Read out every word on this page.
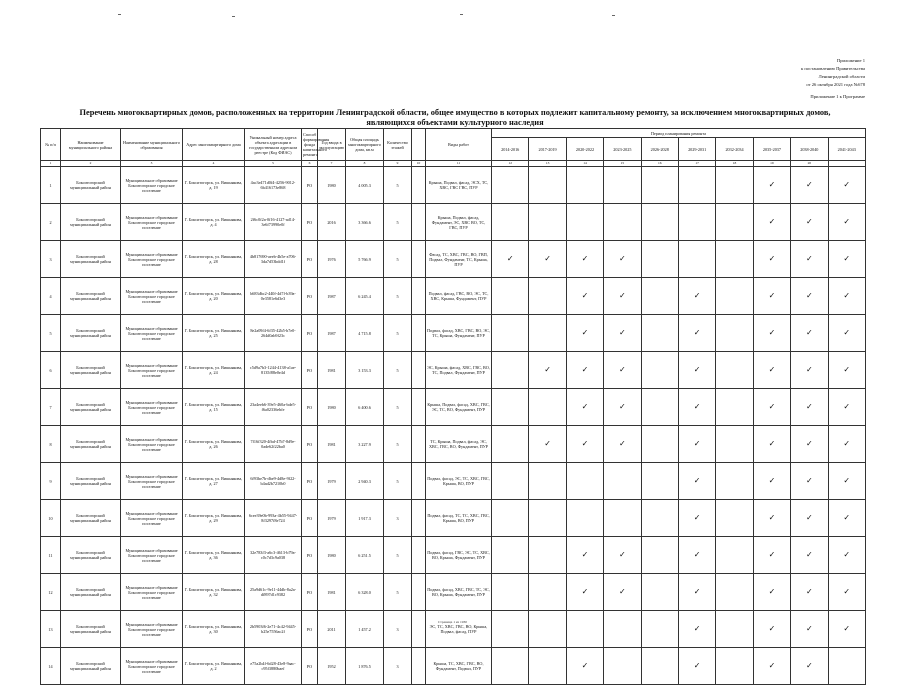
Приложение 1
к постановлению Правительства
Ленинградской области
от 26 октября 2021 года №678
Приложение 1 к Программе
Перечень многоквартирных домов, расположенных на территории Ленинградской области, общее имущество в которых подлежит капитальному ремонту, за исключением многоквартирных домов, являющихся объектами культурного наследия
№ п/п	Наименование муниципального района	Наименование муниципального образования	Адрес многоквартирного дома	Уникальный номер адреса объекта адресации в государственном адресном реестре (Код ФИАС)	Способ формирования фонда капитального ремонта	Год ввода в эксплуатацию	Общая площадь многоквартирного дома, кв.м	Количество этажей		Виды работ	Период планирования ремонта									
											2014-2016	2017-2019	2020-2022	2023-2025	2026-2028	2029-2031	2032-2034	2035-2037	2038-2040	2041-2043
1	2	3	4	5	6	7	8	9	10	11	12	13	14	15	16	17	18	19	20	
1	Бокситогорский муниципальный район	Муниципальное образование Бокситогорское городское поселение	Г. Бокситогорск, ул. Вишнякова, д. 19	4ac3e471d0f4-4256-9012-6b416173e868	РО	1980	4 005.3	5		Крыша, Подвал, фасад, ЭСХ, ТС, ХВС, ГВС ГВС, ПУР								✓	✓	✓
2	Бокситогорский муниципальный район	Муниципальное образование Бокситогорское городское поселение	Г. Бокситогорск, ул. Вишнякова, д. 4	2f6c0f2a-0f16-4127-ad14-3e6f73990e0f	РО	2016	3 366.6	5		Крыша, Подвал, фасад, Фундамент, ЭС, ХВС ВО, ТС, ГВС, ПУР								✓	✓	✓
3	Бокситогорский муниципальный район	Муниципальное образование Бокситогорское городское поселение	Г. Бокситогорск, ул. Вишнякова, д. 28	4b817690-aeeb-4b5e-a706-3da7d53bdd1f	РО	1976	5 766.9	5		Фасад, ТС, ХВС, ГВС, ВО, ГВП, Подвал, Фундамент, ТС, Крыша, ПУР	✓	✓	✓	✓				✓	✓	✓
4	Бокситогорский муниципальный район	Муниципальное образование Бокситогорское городское поселение	Г. Бокситогорск, ул. Вишнякова, д. 20	b683dbc2-440f-4d7f-b39a-0e3581e6d3e3	РО	1987	6 245.4	5		Подвал, фасад, ГВС, ВО, ЭС, ТС, ХВС, Крыша, Фундамент, ПУР			✓	✓		✓		✓	✓	✓
5	Бокситогорский муниципальный район	Муниципальное образование Бокситогорское городское поселение	Г. Бокситогорск, ул. Вишнякова, д. 25	8e2a09f4-6f35-42b5-b7e0-264d0ab9f23c	РО	1987	4 715.8	5		Подвал, фасад, ХВС, ГВС, ВО, ЭС, ТС, Крыша, Фундамент, ПУР			✓	✓		✓		✓	✓	✓
6	Бокситогорский муниципальный район	Муниципальное образование Бокситогорское городское поселение	Г. Бокситогорск, ул. Вишнякова, д. 24	c5d9a7b3-1244-4138-a1ae-8135f88e0e4d	РО	1981	3 153.3	5		ЭС, Крыша, фасад, ХВС, ГВС, ВО, ТС, Подвал, Фундамент, ПУР		✓	✓	✓		✓		✓	✓	✓
7	Бокситогорский муниципальный район	Муниципальное образование Бокситогорское городское поселение	Г. Бокситогорск, ул. Вишнякова, д. 15	23a4eeb6-39e5-460a-bde5-f6a02336ebfe	РО	1980	6 400.6	5		Крыша, Подвал, фасад, ХВС, ГВС, ЭС, ТС, ВО, Фундамент, ПУР			✓	✓		✓		✓	✓	✓
8	Бокситогорский муниципальный район	Муниципальное образование Бокситогорское городское поселение	Г. Бокситогорск, ул. Вишнякова, д. 26	7f16f320-4fbd-47b7-8d9e-0ade62f22ba0	РО	1981	3 227.9	5		ТС, Крыша, Подвал, фасад, ЭС, ХВС, ГВС, ВО, Фундамент, ПУР		✓	✓	✓		✓		✓	✓	✓
9	Бокситогорский муниципальный район	Муниципальное образование Бокситогорское городское поселение	Г. Бокситогорск, ул. Вишнякова, д. 27	6f93be7b-dbe9-4d8e-9f22-b4ad2b7210b0	РО	1979	2 940.3	5		Подвал, фасад, ЭС, ТС, ХВС, ГВС, Крыша, ВО, ПУР						✓		✓	✓	✓
10	Бокситогорский муниципальный район	Муниципальное образование Бокситогорское городское поселение	Г. Бокситогорск, ул. Вишнякова, д. 29	6cee39e0b-993a-4b55-9447-8f3297f8e724	РО	1979	1 917.3	3		Подвал, фасад, ТС, ТС, ХВС, ГВС, Крыша, ВО, ПУР						✓		✓	✓	✓
11	Бокситогорский муниципальный район	Муниципальное образование Бокситогорское городское поселение	Г. Бокситогорск, ул. Вишнякова, д. 36	32e783f3-a6c3-4613-b79a-c0c7d3c9a038	РО	1980	6 251.5	5		Подвал, фасад, ГВС, ЭС, ТС, ХВС, ВО, Крыша, Фундамент, ПУР			✓	✓		✓		✓	✓	✓
12	Бокситогорский муниципальный район	Муниципальное образование Бокситогорское городское поселение	Г. Бокситогорск, ул. Вишнякова, д. 32	25a9d61c-9e11-44db-8a2a-df897d1c9382	РО	1981	6 328.0	5		Подвал, фасад, ХВС, ГВС, ТС, ЭС, ВО, Крыша, Фундамент, ПУР			✓	✓		✓		✓	✓	✓
13	Бокситогорский муниципальный район	Муниципальное образование Бокситогорское городское поселение	Г. Бокситогорск, ул. Вишнякова, д. 30	2b5903f6-2e71-4c42-9445-b25e7556ac2f	РО	2011	1 457.2	3		ЭС, ТС, ХВС, ГВС, ВО, Крыша, Подвал, фасад, ПУР						✓		✓	✓	✓
14	Бокситогорский муниципальный район	Муниципальное образование Бокситогорское городское поселение	Г. Бокситогорск, ул. Вишнякова, д. 2	e75a2b4f-6d28-43e8-9aac-c95f3880baef	РО	1952	1 876.5	3		Крыша, ТС, ХВС, ГВС, ВО, Фундамент, Подвал, ПУР			✓			✓		✓	✓	
Страница 1 из 1930
